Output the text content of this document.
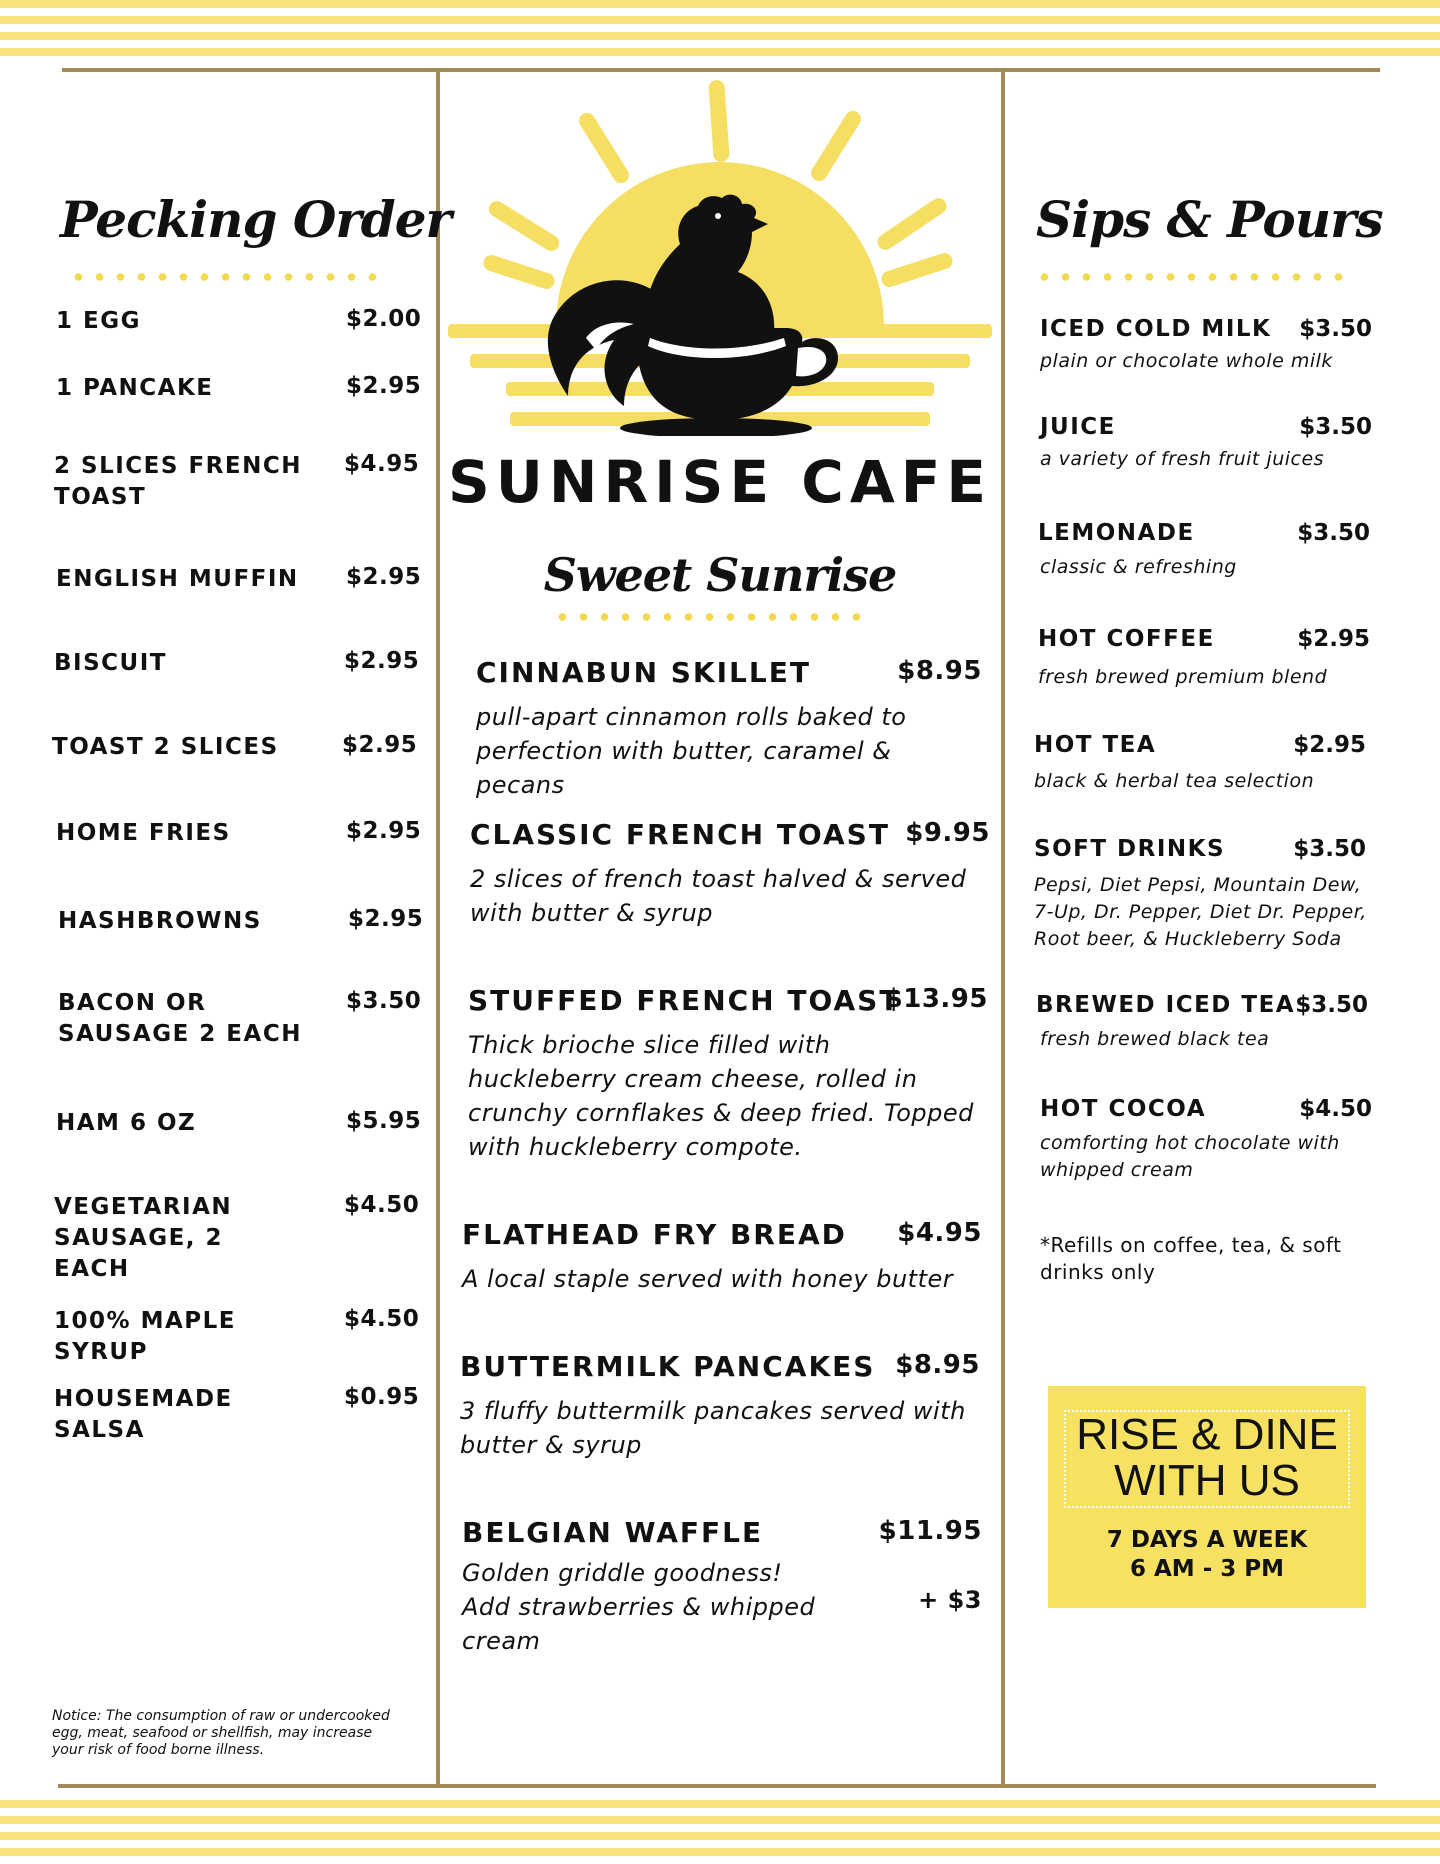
Pecking Order
1 EGG	$2.00
1 PANCAKE	$2.95
2 SLICES FRENCH TOAST
$4.95
ENGLISH MUFFIN	$2.95
BISCUIT	$2.95
TOAST 2 SLICES	$2.95
HOME FRIES	$2.95
HASHBROWNS	$2.95
BACON OR SAUSAGE 2 EACH
$3.50
HAM 6 OZ	$5.95
VEGETARIAN SAUSAGE, 2 EACH
$4.50
100% MAPLE SYRUP
$4.50
HOUSEMADE SALSA
$0.95
Notice: The consumption of raw or undercooked egg, meat, seafood or shellfish, may increase your risk of food borne illness.
SUNRISE CAFE
Sweet Sunrise
CINNABUN SKILLET	$8.95
pull-apart cinnamon rolls baked to perfection with butter, caramel & pecans
CLASSIC FRENCH TOAST $9.95
2 slices of french toast halved & served with butter & syrup
STUFFED FRENCH TOAST
$13.95
Thick brioche slice filled with huckleberry cream cheese, rolled in crunchy cornflakes & deep fried. Topped with huckleberry compote.
FLATHEAD FRY BREAD $4.95
A local staple served with honey butter
BUTTERMILK PANCAKES $8.95
3 fluffy buttermilk pancakes served with butter & syrup
BELGIAN WAFFLE	$11.95
Golden griddle goodness!
Add strawberries & whipped cream
+ $3
Sips & Pours
ICED COLD MILK $3.50
plain or chocolate whole milk
JUICE	$3.50
a variety of fresh fruit juices
LEMONADE	$3.50
classic & refreshing
HOT COFFEE	$2.95
fresh brewed premium blend
HOT TEA	$2.95
black & herbal tea selection
SOFT DRINKS	$3.50
Pepsi, Diet Pepsi, Mountain Dew, 7-Up, Dr. Pepper, Diet Dr. Pepper, Root beer, & Huckleberry Soda
BREWED ICED TEA $3.50
fresh brewed black tea
HOT COCOA	$4.50
comforting hot chocolate with whipped cream
*Refills on coffee, tea, & soft drinks only
RISE & DINE
WITH US
7 DAYS A WEEK
6 AM - 3 PM
